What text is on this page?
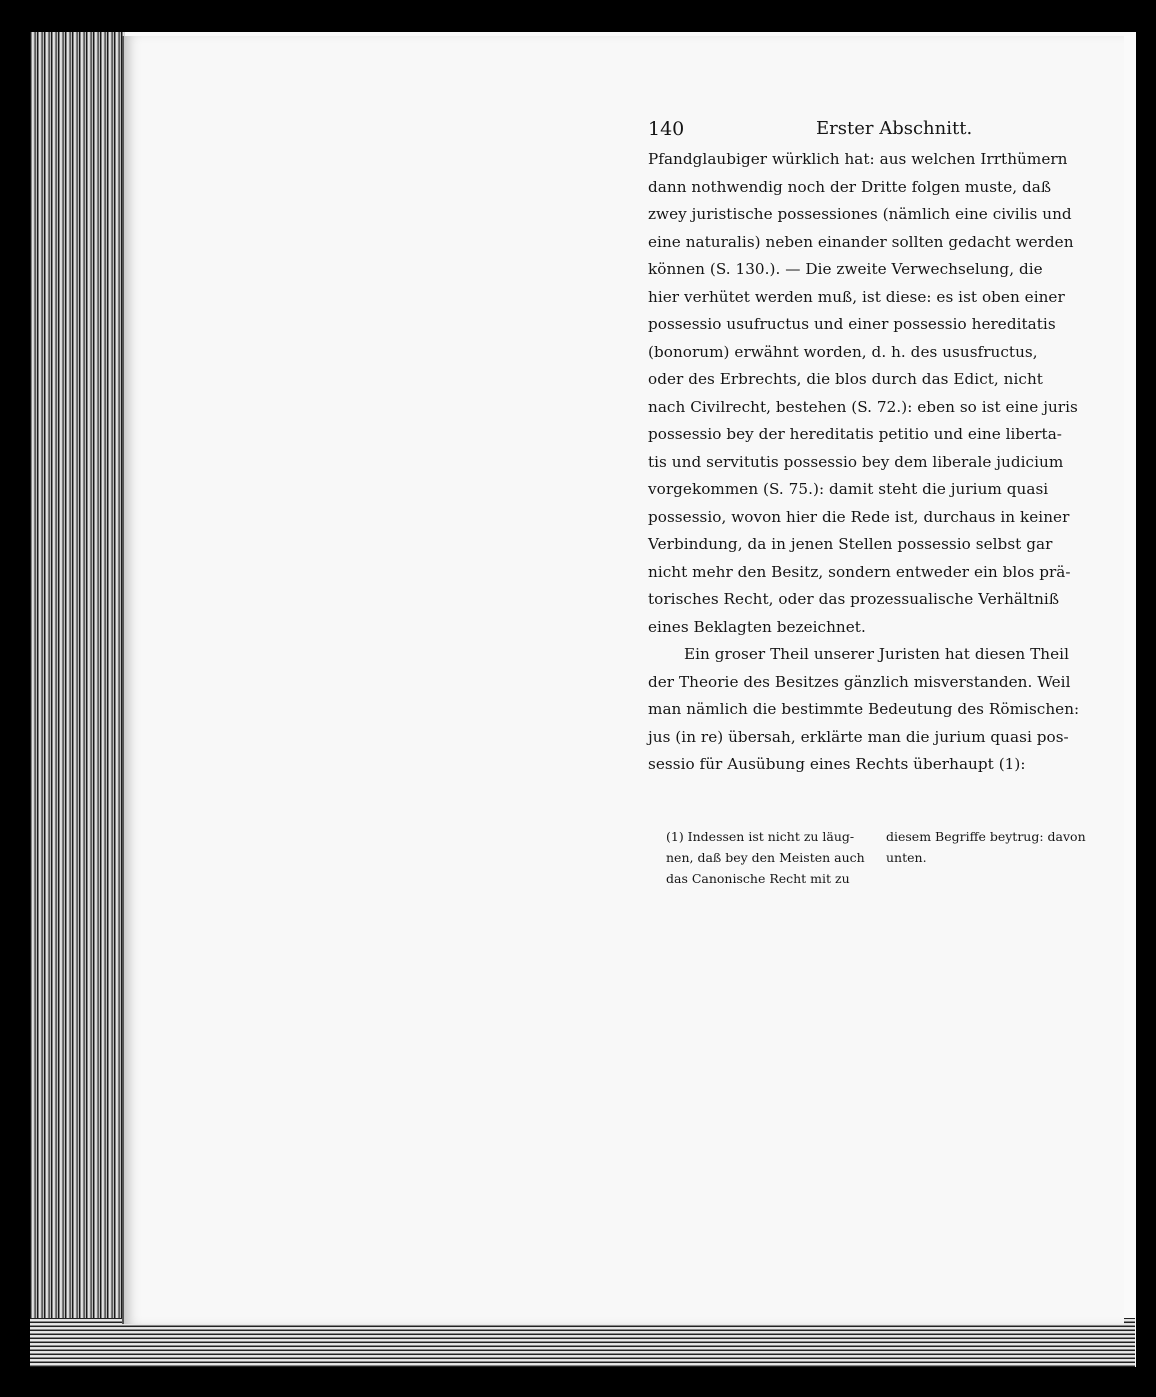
140	Erster Abschnitt.
Pfandglaubiger würklich hat: aus welchen Irrthümern
dann nothwendig noch der Dritte folgen muste, daß
zwey juristische possessiones (nämlich eine civilis und
eine naturalis) neben einander sollten gedacht werden
können (S. 130.). — Die zweite Verwechselung, die
hier verhütet werden muß, ist diese: es ist oben einer
possessio usufructus und einer possessio hereditatis
(bonorum) erwähnt worden, d. h. des ususfructus,
oder des Erbrechts, die blos durch das Edict, nicht
nach Civilrecht, bestehen (S. 72.): eben so ist eine juris
possessio bey der hereditatis petitio und eine liberta-
tis und servitutis possessio bey dem liberale judicium
vorgekommen (S. 75.): damit steht die jurium quasi
possessio, wovon hier die Rede ist, durchaus in keiner
Verbindung, da in jenen Stellen possessio selbst gar
nicht mehr den Besitz, sondern entweder ein blos prä-
torisches Recht, oder das prozessualische Verhältniß
eines Beklagten bezeichnet.
Ein groser Theil unserer Juristen hat diesen Theil
der Theorie des Besitzes gänzlich misverstanden. Weil
man nämlich die bestimmte Bedeutung des Römischen:
jus (in re) übersah, erklärte man die jurium quasi pos-
sessio für Ausübung eines Rechts überhaupt (1):
(1) Indessen ist nicht zu läug-
nen, daß bey den Meisten auch
das Canonische Recht mit zu
diesem Begriffe beytrug: davon
unten.
